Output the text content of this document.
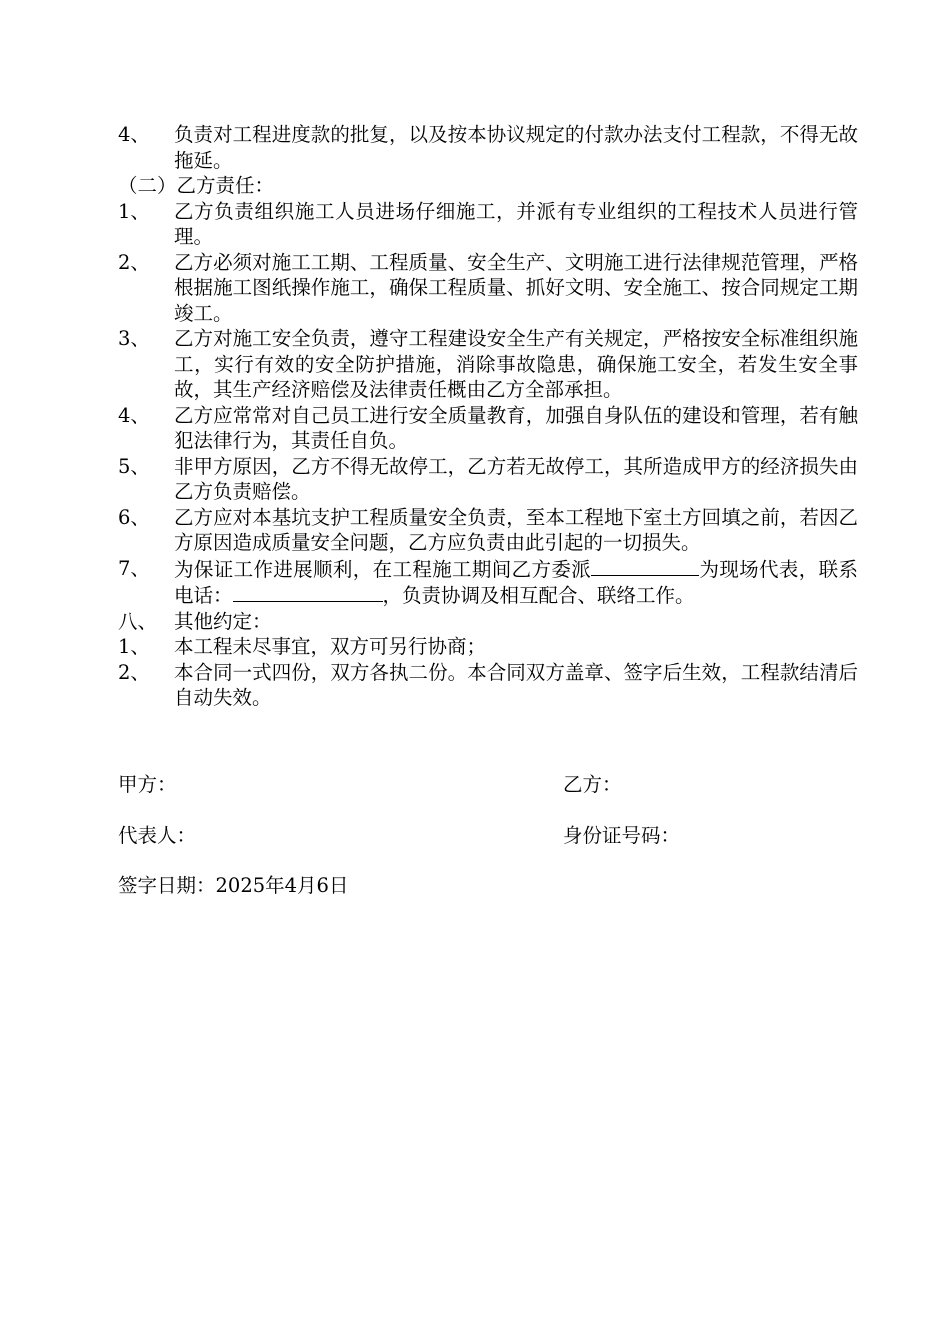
4、	负责对工程进度款的批复，以及按本协议规定的付款办法支付工程款，不得无故拖延。
（二）乙方责任：
1、	乙方负责组织施工人员进场仔细施工，并派有专业组织的工程技术人员进行管理。
2、	乙方必须对施工工期、工程质量、安全生产、文明施工进行法律规范管理，严格根据施工图纸操作施工，确保工程质量、抓好文明、安全施工、按合同规定工期竣工。
3、	乙方对施工安全负责，遵守工程建设安全生产有关规定，严格按安全标准组织施工，实行有效的安全防护措施，消除事故隐患，确保施工安全，若发生安全事故，其生产经济赔偿及法律责任概由乙方全部承担。
4、	乙方应常常对自己员工进行安全质量教育，加强自身队伍的建设和管理，若有触犯法律行为，其责任自负。
5、	非甲方原因，乙方不得无故停工，乙方若无故停工，其所造成甲方的经济损失由乙方负责赔偿。
6、	乙方应对本基坑支护工程质量安全负责，至本工程地下室土方回填之前，若因乙方原因造成质量安全问题，乙方应负责由此引起的一切损失。
7、	为保证工作进展顺利，在工程施工期间乙方委派	为现场代表，联系电话：	，负责协调及相互配合、联络工作。
八、 其他约定：
1、	本工程未尽事宜，双方可另行协商；
2、	本合同一式四份，双方各执二份。本合同双方盖章、签字后生效，工程款结清后自动失效。
甲方：	乙方：
代表人：	身份证号码：
签字日期：2025年4月6日
